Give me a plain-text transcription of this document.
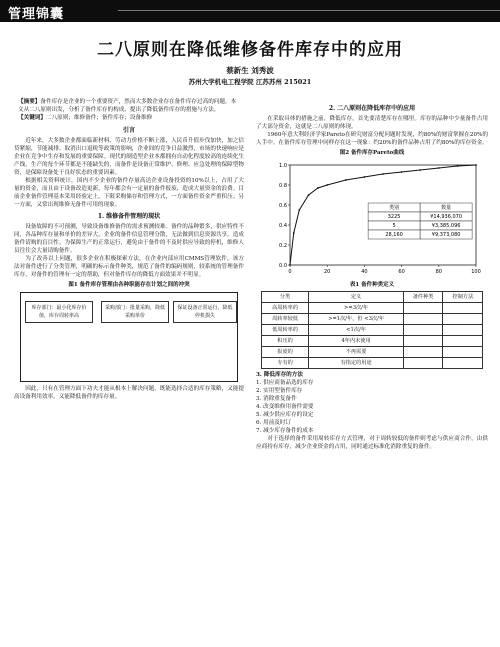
管理锦囊
二八原则在降低维修备件库存中的应用
蔡新生 刘秀波
苏州大学机电工程学院 江苏苏州 215021
【摘要】备件库存是企业的一个重要资产，然而大多数企业存在备件库存过高的问题。本文从二八原则出发，分析了备件库存的构成，提出了降低备件库存的措施与方法。
【关键词】二八原则；维修备件；备件库存；设备维修
引言

近年来，大多数企业都面临新材料、劳动力价格不断上涨，人民币升值步伐加快，加之信贷紧缩，节能减排、取消出口退税等政策的影响，企业间的竞争日益激烈，市场的快速响应是企业在竞争中生存和发展的重要保障。现代的制造型企业本都拥有自动化程度较高的连续化生产线，生产的每个环节都是不能缺失的，而备件是设备正常维护、修理、应急处理的保障型物资，是保障设备处于良好状态的重要因素。

根据相关资料统计，国内不少企业的备件存量高达企业设备投资的10%以上，占用了大量的资金，而且由于设备改造更新，每年都会有一定量的备件报废，造成大量资金的浪费。目前企业备件管理基本采用经验定上，下限采购储存和管理方式，一方面备件资金严重积压；另一方面，又常出现维修无备件可用的现象。

1. 维修备件管理的现状

设备故障的不可预测，导致设备维修备件的需求预测较难。备件的品种繁多，供应特性不同，各品种库存量和单价的差异大，企业的备件信息管理分散，无法做到信息资源共享，造成备件请购的盲目性。为保障生产的正常运行，避免由于备件的不及时供应导致的停机，维修人员往往会大量请购备件。

为了改善以上问题，很多企业在积极探索方法。在企业内部应用CMMS管理软件，该方法对备件进行了分类管理，明确的标示备件种类，规范了备件的编码规则，较系统的管理备件库存，对备件的管理有一定的帮助，但对备件库存的降低方面效果并不明显。

图1 备件库存管理由各种职能存在计划之间的冲突
库存部门：最小化库存价值，库存周转率高
采购部门：批量采购，降低采购单价
保证设备正常运行，降低停机损失

因此，只有在管理方面下功夫才能从根本上解决问题，既能选择合适的库存策略，又能提高设备利用效率，又能降低备件的库存量。

2. 二八原则在降低库存中的应用

在采取具体的措施之前，降低库存，首先要清楚库存在哪里。库存的品种中少量备件占用了大部分资金，这就是二八原则的体现。

1960年意大利经济学家Pareto在研究财富分配问题时发现，约80%的财富掌握在20%的人手中。在备件库存管理中同样存在这一现象：约20%的备件品种占用了约80%的库存资金。

图2 备件库存Pareto曲线
0.0
0.2
0.4
0.6
0.8
1.0
0	20	40	60	80	100
类别	数量
3225	¥14,936,070
5	¥3,385,096
28,160	¥9,373,080
表1 备件种类定义
分类	定义	备件种类	控制方法
高周转率的	>=3次/年		
周转率较低	>=1次/年，但 <3次/年		
低周转率的	<1次/年		
积压的	4年内未使用		
报废的	不再需要		
专有的	有指定的用途		
3. 降低库存的方法
1. 供应商备品选的库存
2. 实用型备件库存
3. 消除重复备件
4. 改变维修用备件需要
5. 减少供应库存的设定
6. 用前及时订
7. 减少库存备件的成本

对于选择的备件采用周转库存方式管理，对于周转较低的备件则考虑与供应商合作，由供应商持有库存，减少企业资金的占用，同时通过标准化消除重复的备件。
